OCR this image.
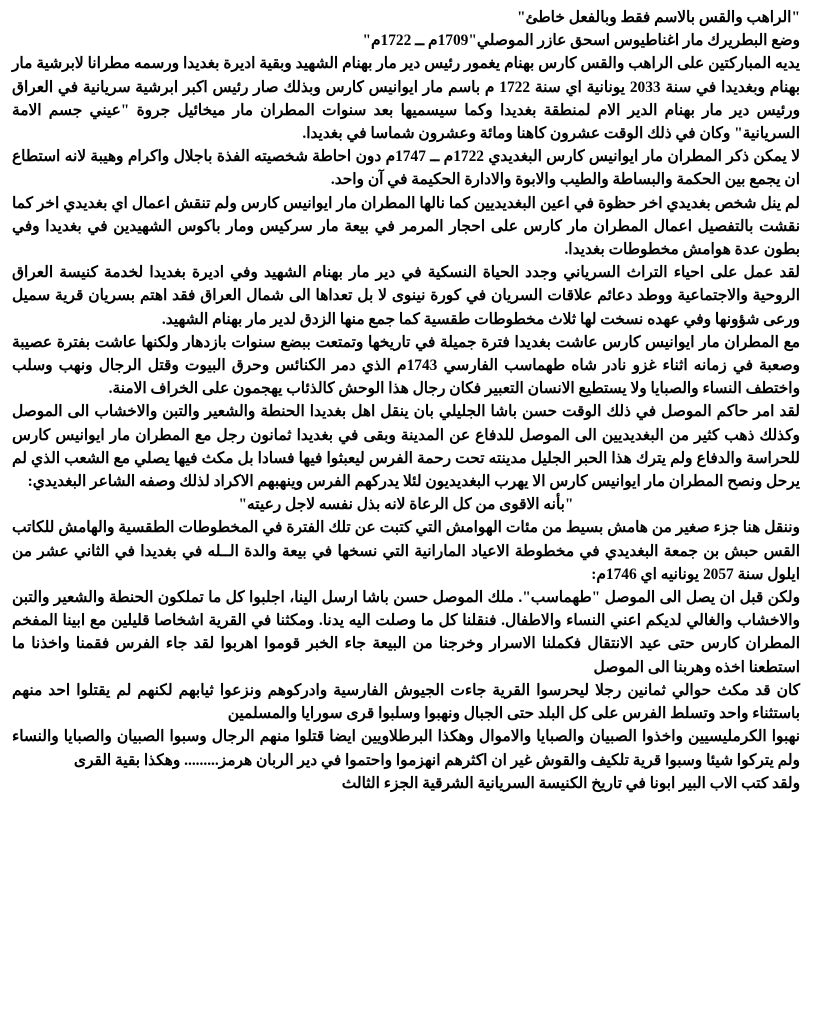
"الراهب والقس بالاسم فقط وبالفعل خاطئ"

وضع البطريرك مار اغناطيوس اسحق عازر الموصلي"1709م ــ 1722م"

يديه المباركتين على الراهب والقس كارس بهنام يغمور رئيس دير مار بهنام الشهيد وبقية اديرة بغديدا ورسمه مطرانا لابرشية مار بهنام وبغديدا في سنة 2033 يونانية اي سنة 1722 م باسم مار ايوانيس كارس وبذلك صار رئيس اكبر ابرشية سريانية في العراق ورئيس دير مار بهنام الدير الام لمنطقة بغديدا وكما سيسميها بعد سنوات المطران مار ميخائيل جروة "عيني جسم الامة السريانية" وكان في ذلك الوقت عشرون كاهنا ومائة وعشرون شماسا في بغديدا.

لا يمكن ذكر المطران مار ايوانيس كارس البغديدي 1722م ــ 1747م دون احاطة شخصيته الفذة باجلال واكرام وهيبة لانه استطاع ان يجمع بين الحكمة والبساطة والطيب والابوة والادارة الحكيمة في آن واحد.

لم ينل شخص بغديدي اخر حظوة في اعين البغديديين كما نالها المطران مار ايوانيس كارس ولم تنقش اعمال اي بغديدي اخر كما نقشت بالتفصيل اعمال المطران مار كارس على احجار المرمر في بيعة مار سركيس ومار باكوس الشهيدين في بغديدا وفي بطون عدة هوامش مخطوطات بغديدا.

لقد عمل على احياء التراث السرياني وجدد الحياة النسكية في دير مار بهنام الشهيد وفي اديرة بغديدا لخدمة كنيسة العراق الروحية والاجتماعية ووطد دعائم علاقات السريان في كورة نينوى لا بل تعداها الى شمال العراق فقد اهتم بسريان قرية سميل ورعى شؤونها وفي عهده نسخت لها ثلاث مخطوطات طقسية كما جمع منها الزدق لدير مار بهنام الشهيد.

مع المطران مار ايوانيس كارس عاشت بغديدا فترة جميلة في تاريخها وتمتعت ببضع سنوات بازدهار ولكنها عاشت بفترة عصيبة وصعبة في زمانه اثناء غزو نادر شاه طهماسب الفارسي 1743م الذي دمر الكنائس وحرق البيوت وقتل الرجال ونهب وسلب واختطف النساء والصبايا ولا يستطيع الانسان التعبير فكان رجال هذا الوحش كالذئاب يهجمون على الخراف الامنة.

لقد امر حاكم الموصل في ذلك الوقت حسن باشا الجليلي بان ينقل اهل بغديدا الحنطة والشعير والتبن والاخشاب الى الموصل وكذلك ذهب كثير من البغديديين الى الموصل للدفاع عن المدينة وبقى في بغديدا ثمانون رجل مع المطران مار ايوانيس كارس للحراسة والدفاع ولم يترك هذا الحبر الجليل مدينته تحت رحمة الفرس ليعبثوا فيها فسادا بل مكث فيها يصلي مع الشعب الذي لم يرحل ونصح المطران مار ايوانيس كارس الا يهرب البغديديون لئلا يدركهم الفرس وينهبهم الاكراد لذلك وصفه الشاعر البغديدي:

"بأنه الاقوى من كل الرعاة لانه بذل نفسه لاجل رعيته"

وننقل هنا جزء صغير من هامش بسيط من مئات الهوامش التي كتبت عن تلك الفترة في المخطوطات الطقسية والهامش للكاتب القس حبش بن جمعة البغديدي في مخطوطة الاعياد المارانية التي نسخها في بيعة والدة الــله في بغديدا في الثاني عشر من ايلول سنة 2057 يونانيه اي 1746م:

ولكن قبل ان يصل الى الموصل "طهماسب". ملك الموصل حسن باشا ارسل الينا، اجلبوا كل ما تملكون الحنطة والشعير والتبن والاخشاب والغالي لديكم اعني النساء والاطفال. فنقلنا كل ما وصلت اليه يدنا. ومكثنا في القرية اشخاصا قليلين مع ابينا المفخم المطران كارس حتى عيد الانتقال فكملنا الاسرار وخرجنا من البيعة جاء الخبر قوموا اهربوا لقد جاء الفرس فقمنا واخذنا ما استطعنا اخذه وهربنا الى الموصل

كان قد مكث حوالي ثمانين رجلا ليحرسوا القرية جاءت الجيوش الفارسية وادركوهم ونزعوا ثيابهم لكنهم لم يقتلوا احد منهم باستثناء واحد وتسلط الفرس على كل البلد حتى الجبال ونهبوا وسلبوا قرى سورايا والمسلمين

نهبوا الكرمليسيين واخذوا الصبيان والصبايا والاموال وهكذا البرطلاويين ايضا قتلوا منهم الرجال وسبوا الصبيان والصبايا والنساء ولم يتركوا شيئا وسبوا قرية تلكيف والقوش غير ان اكثرهم انهزموا واحتموا في دير الربان هرمز......... وهكذا بقية القرى

ولقد كتب الاب البير ابونا في تاريخ الكنيسة السريانية الشرقية الجزء الثالث
